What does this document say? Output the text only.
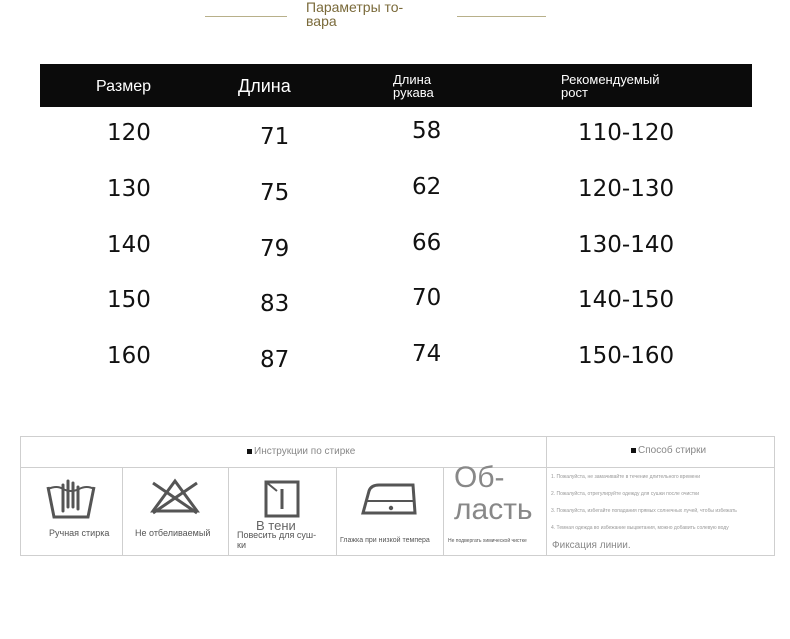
Параметры то-
вара
Размер	Длина	Длина
рукава
Рекомендуемый
рост
120	71	58	110-120
130	75	62	120-130
140	79	66	130-140
150	83	70	140-150
160	87	74	150-160
Инструкции по стирке	Способ стирки
Ручная стирка	Не отбеливаемый	В тени
Повесить для суш-
ки	Глажка при низкой темпера
Об-
ласть
Не подвергать химической чистке
1. Пожалуйста, не замачивайте в течение длительного времени
2. Пожалуйста, отрегулируйте одежду для сушки после очистки
3. Пожалуйста, избегайте попадания прямых солнечных лучей, чтобы избежать
4. Темная одежда во избежание выцветания, можно добавить солевую воду
Фиксация линии.
